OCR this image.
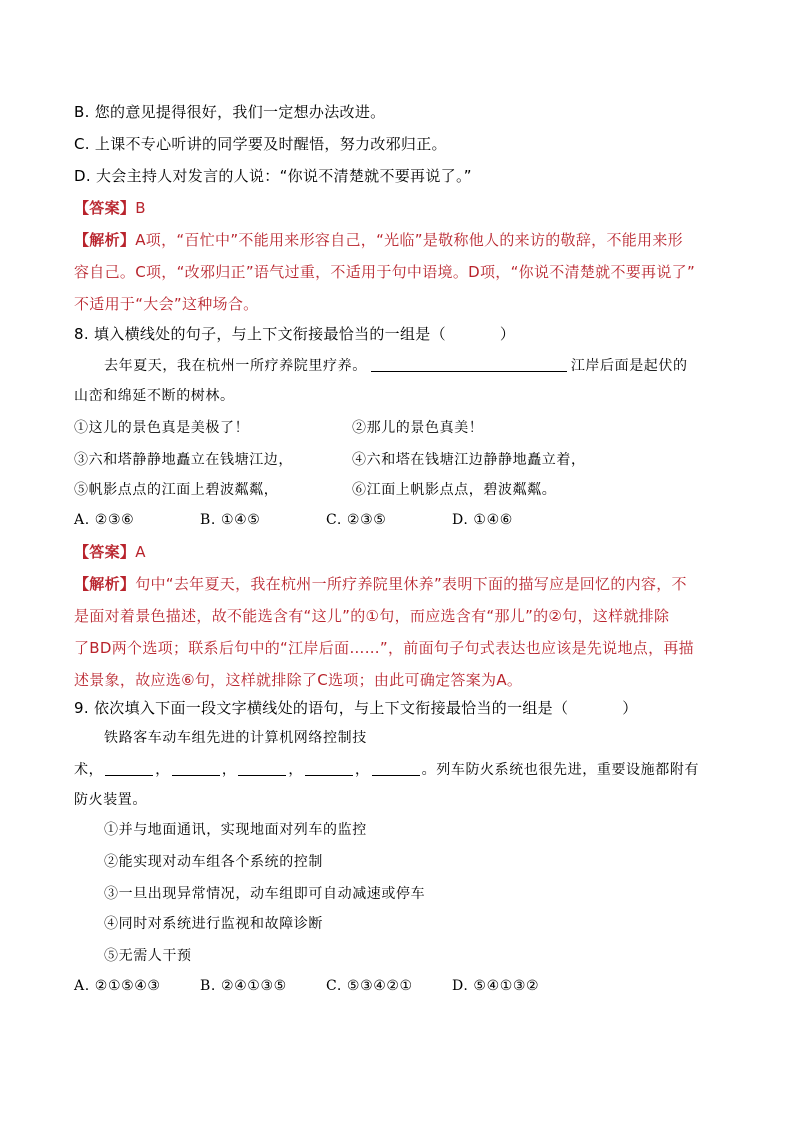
B. 您的意见提得很好，我们一定想办法改进。
C. 上课不专心听讲的同学要及时醒悟，努力改邪归正。
D. 大会主持人对发言的人说：“你说不清楚就不要再说了。”
【答案】B
【解析】A项，“百忙中”不能用来形容自己，“光临”是敬称他人的来访的敬辞，不能用来形
容自己。C项，“改邪归正”语气过重，不适用于句中语境。D项，“你说不清楚就不要再说了”
不适用于“大会”这种场合。
8. 填入横线处的句子，与上下文衔接最恰当的一组是（	）
去年夏天，我在杭州一所疗养院里疗养。	江岸后面是起伏的
山峦和绵延不断的树林。
①这儿的景色真是美极了！	②那儿的景色真美！
③六和塔静静地矗立在钱塘江边，	④六和塔在钱塘江边静静地矗立着，
⑤帆影点点的江面上碧波粼粼，	⑥江面上帆影点点，碧波粼粼。
A. ②③⑥	B. ①④⑤	C. ②③⑤	D. ①④⑥
【答案】A
【解析】句中“去年夏天，我在杭州一所疗养院里休养”表明下面的描写应是回忆的内容，不
是面对着景色描述，故不能选含有“这儿”的①句，而应选含有“那儿”的②句，这样就排除
了BD两个选项；联系后句中的“江岸后面……”，前面句子句式表达也应该是先说地点，再描
述景象，故应选⑥句，这样就排除了C选项；由此可确定答案为A。
9. 依次填入下面一段文字横线处的语句，与上下文衔接最恰当的一组是（	）
铁路客车动车组先进的计算机网络控制技
术，	，	，	，	，	。列车防火系统也很先进，重要设施都附有
防火装置。
①并与地面通讯，实现地面对列车的监控
②能实现对动车组各个系统的控制
③一旦出现异常情况，动车组即可自动减速或停车
④同时对系统进行监视和故障诊断
⑤无需人干预
A. ②①⑤④③	B. ②④①③⑤	C. ⑤③④②①	D. ⑤④①③②
